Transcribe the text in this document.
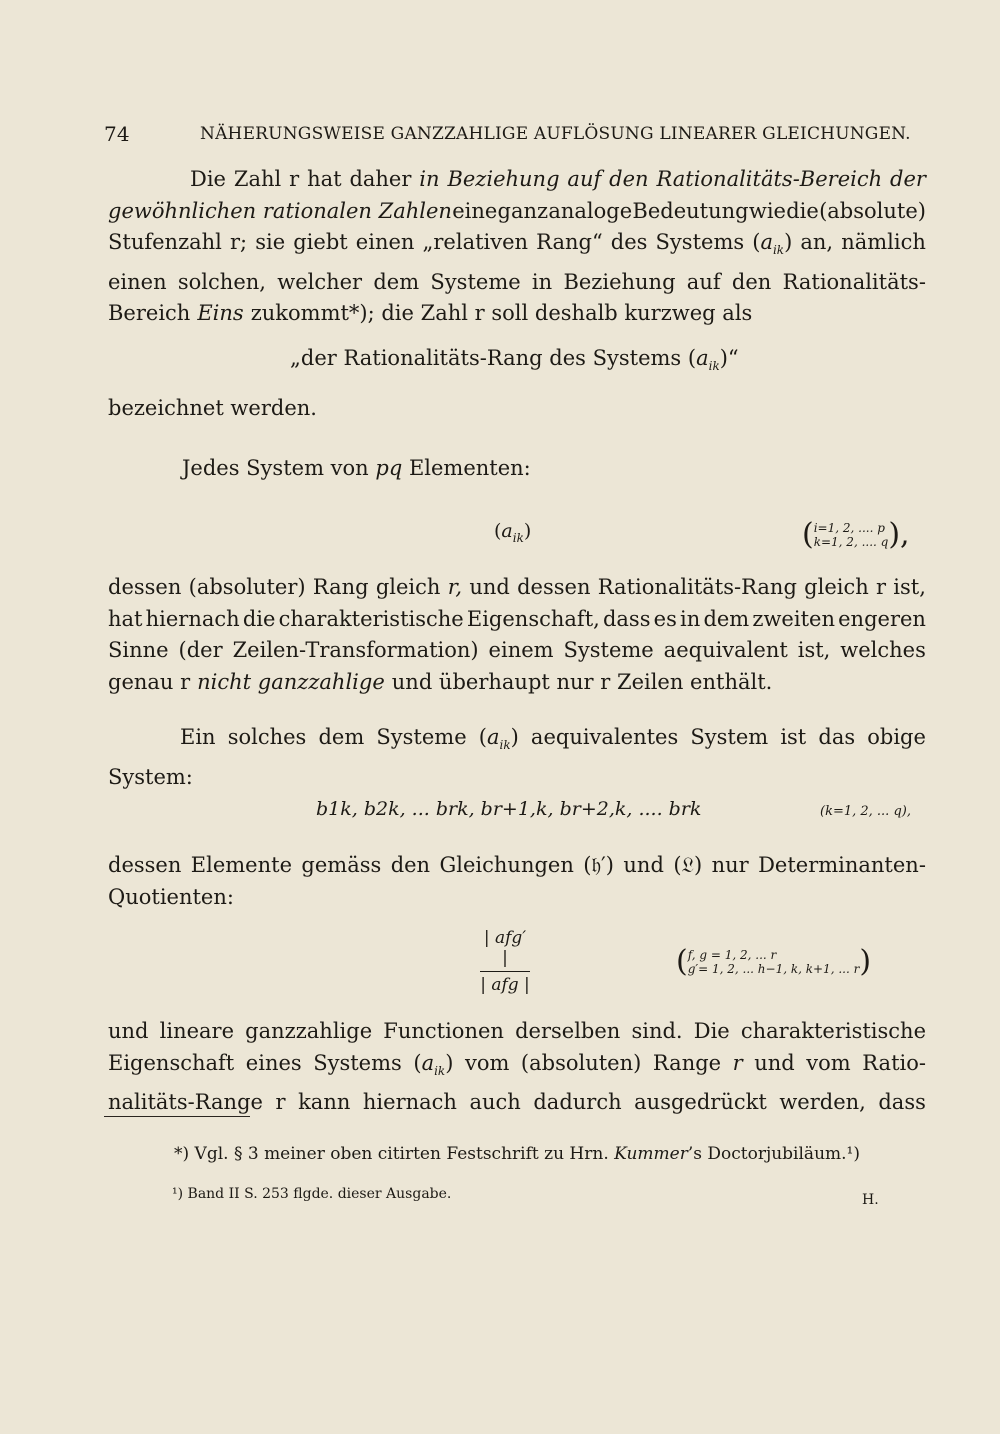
74	NÄHERUNGSWEISE GANZZAHLIGE AUFLÖSUNG LINEARER GLEICHUNGEN.
Die Zahl r hat daher in Beziehung auf den Rationalitäts-Bereich der
gewöhnlichen rationalen Zahlen eine ganz analoge Bedeutung wie die (absolute)
Stufenzahl r; sie giebt einen „relativen Rang“ des Systems (aik) an, nämlich
einen solchen, welcher dem Systeme in Beziehung auf den Rationalitäts-
Bereich Eins zukommt*); die Zahl r soll deshalb kurzweg als
„der Rationalitäts-Rang des Systems $(a_{ik})“$
bezeichnet werden.
Jedes System von pq Elementen:
$(a_{ik})$	( i=1, 2, .... p
k=1, 2, .... q ),
dessen (absoluter) Rang gleich r, und dessen Rationalitäts-Rang gleich r ist,
hat hiernach die charakteristische Eigenschaft, dass es in dem zweiten engeren
Sinne (der Zeilen-Transformation) einem Systeme aequivalent ist, welches
genau r nicht ganzzahlige und überhaupt nur r Zeilen enthält.
Ein solches dem Systeme (aik) aequivalentes System ist das obige
System:
b1k, b2k, ... brk, br+1,k, br+2,k, .... brk	(k=1, 2, ... q),
dessen Elemente gemäss den Gleichungen (𝔥′) und (𝔏) nur Determinanten-
Quotienten:
| afg′ |
| afg |
( f, g = 1, 2, ... r
g′= 1, 2, ... h−1, k, k+1, ... r )
und lineare ganzzahlige Functionen derselben sind. Die charakteristische
Eigenschaft eines Systems (aik) vom (absoluten) Range r und vom Ratio-
nalitäts-Range r kann hiernach auch dadurch ausgedrückt werden, dass
*) Vgl. § 3 meiner oben citirten Festschrift zu Hrn. Kummer’s Doctorjubiläum.¹)
¹) Band II S. 253 flgde. dieser Ausgabe.	H.
